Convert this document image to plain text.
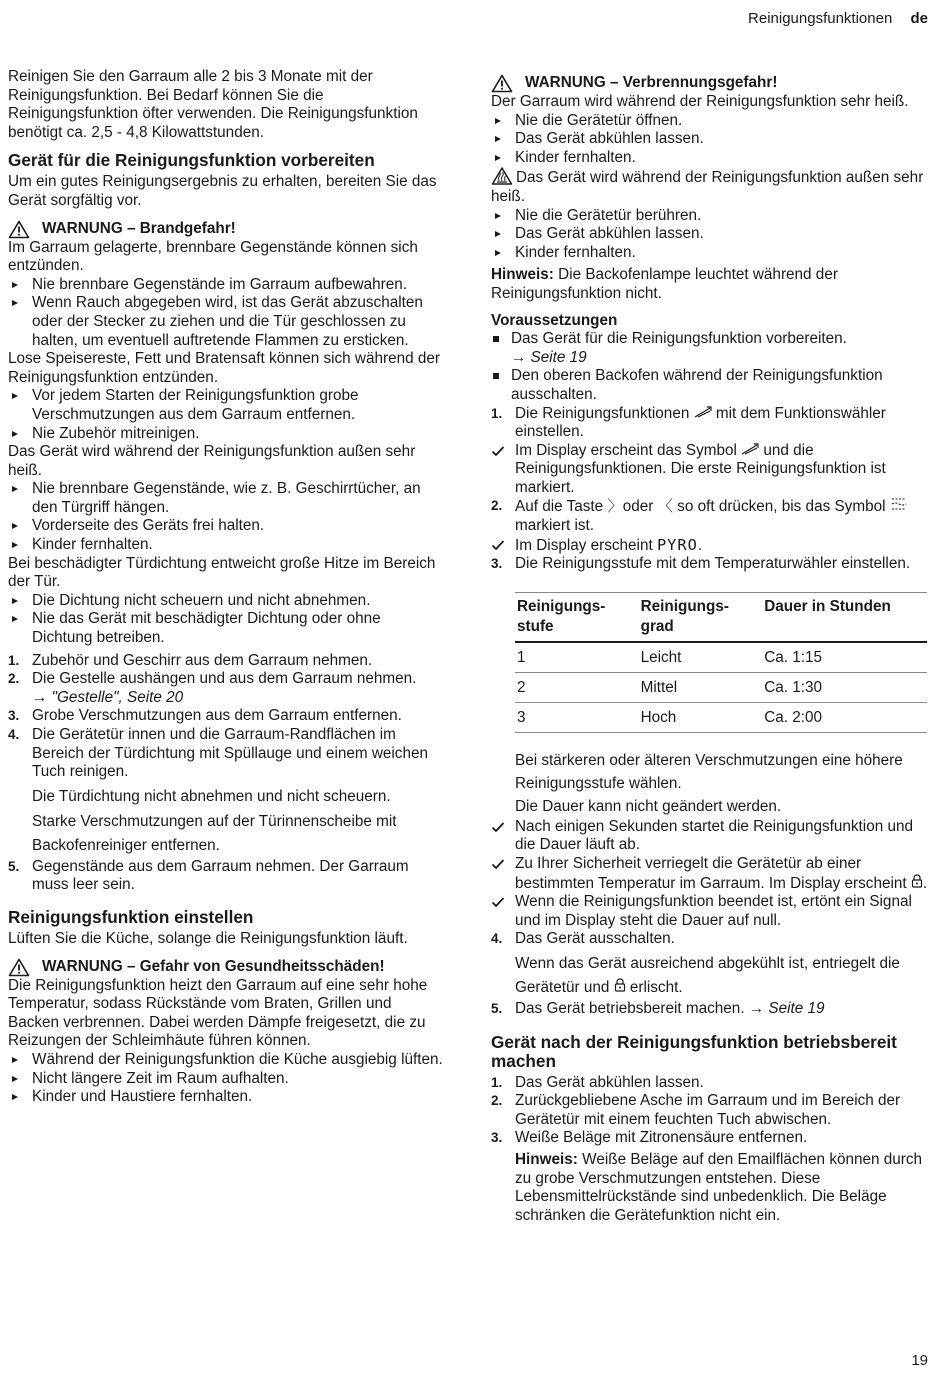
Reinigungsfunktionen de

Reinigen Sie den Garraum alle 2 bis 3 Monate mit der Reinigungsfunktion. Bei Bedarf können Sie die Reinigungsfunktion öfter verwenden. Die Reinigungsfunktion benötigt ca. 2,5 - 4,8 Kilowattstunden.

Gerät für die Reinigungsfunktion vorbereiten

Um ein gutes Reinigungsergebnis zu erhalten, bereiten Sie das Gerät sorgfältig vor.

WARNUNG – Brandgefahr!

Im Garraum gelagerte, brennbare Gegenstände können sich entzünden.

Nie brennbare Gegenstände im Garraum aufbewahren.
Wenn Rauch abgegeben wird, ist das Gerät abzuschalten oder der Stecker zu ziehen und die Tür geschlossen zu halten, um eventuell auftretende Flammen zu ersticken.

Lose Speisereste, Fett und Bratensaft können sich während der Reinigungsfunktion entzünden.

Vor jedem Starten der Reinigungsfunktion grobe Verschmutzungen aus dem Garraum entfernen.
Nie Zubehör mitreinigen.

Das Gerät wird während der Reinigungsfunktion außen sehr heiß.

Nie brennbare Gegenstände, wie z. B. Geschirrtücher, an den Türgriff hängen.
Vorderseite des Geräts frei halten.
Kinder fernhalten.

Bei beschädigter Türdichtung entweicht große Hitze im Bereich der Tür.

Die Dichtung nicht scheuern und nicht abnehmen.
Nie das Gerät mit beschädigter Dichtung oder ohne Dichtung betreiben.
1. Zubehör und Geschirr aus dem Garraum nehmen.
2. Die Gestelle aushängen und aus dem Garraum nehmen.
→ "Gestelle", Seite 20
3. Grobe Verschmutzungen aus dem Garraum entfernen.
4. Die Gerätetür innen und die Garraum-Randflächen im Bereich der Türdichtung mit Spüllauge und einem weichen Tuch reinigen.
Die Türdichtung nicht abnehmen und nicht scheuern.
Starke Verschmutzungen auf der Türinnenscheibe mit Backofenreiniger entfernen.
5. Gegenstände aus dem Garraum nehmen. Der Garraum muss leer sein.
Reinigungsfunktion einstellen

Lüften Sie die Küche, solange die Reinigungsfunktion läuft.

WARNUNG – Gefahr von Gesundheitsschäden!

Die Reinigungsfunktion heizt den Garraum auf eine sehr hohe Temperatur, sodass Rückstände vom Braten, Grillen und Backen verbrennen. Dabei werden Dämpfe freigesetzt, die zu Reizungen der Schleimhäute führen können.

Während der Reinigungsfunktion die Küche ausgiebig lüften.
Nicht längere Zeit im Raum aufhalten.
Kinder und Haustiere fernhalten.
WARNUNG – Verbrennungsgefahr!

Der Garraum wird während der Reinigungsfunktion sehr heiß.

Nie die Gerätetür öffnen.
Das Gerät abkühlen lassen.
Kinder fernhalten.

Das Gerät wird während der Reinigungsfunktion außen sehr heiß.

Nie die Gerätetür berühren.
Das Gerät abkühlen lassen.
Kinder fernhalten.

Hinweis: Die Backofenlampe leuchtet während der Reinigungsfunktion nicht.

Voraussetzungen
Das Gerät für die Reinigungsfunktion vorbereiten.
→ Seite 19
Den oberen Backofen während der Reinigungsfunktion ausschalten.
1. Die Reinigungsfunktionen mit dem Funktionswähler einstellen.
Im Display erscheint das Symbol und die Reinigungsfunktionen. Die erste Reinigungsfunktion ist markiert.
2. Auf die Taste 〉oder 〈 so oft drücken, bis das Symbol  markiert ist.
Im Display erscheint PYRO.
3. Die Reinigungsstufe mit dem Temperaturwähler einstellen.
Reinigungs-stufe	Reinigungs-grad	Dauer in Stunden
1	Leicht	Ca. 1:15
2	Mittel	Ca. 1:30
3	Hoch	Ca. 2:00
Bei stärkeren oder älteren Verschmutzungen eine höhere Reinigungsstufe wählen.
Die Dauer kann nicht geändert werden.
Nach einigen Sekunden startet die Reinigungsfunktion und die Dauer läuft ab.
Zu Ihrer Sicherheit verriegelt die Gerätetür ab einer bestimmten Temperatur im Garraum. Im Display erscheint .
Wenn die Reinigungsfunktion beendet ist, ertönt ein Signal und im Display steht die Dauer auf null.
4. Das Gerät ausschalten.
Wenn das Gerät ausreichend abgekühlt ist, entriegelt die Gerätetür und erlischt.
5. Das Gerät betriebsbereit machen. → Seite 19
Gerät nach der Reinigungsfunktion betriebsbereit machen
1. Das Gerät abkühlen lassen.
2. Zurückgebliebene Asche im Garraum und im Bereich der Gerätetür mit einem feuchten Tuch abwischen.
3. Weiße Beläge mit Zitronensäure entfernen.
Hinweis: Weiße Beläge auf den Emailflächen können durch zu grobe Verschmutzungen entstehen. Diese Lebensmittelrückstände sind unbedenklich. Die Beläge schränken die Gerätefunktion nicht ein.
19
